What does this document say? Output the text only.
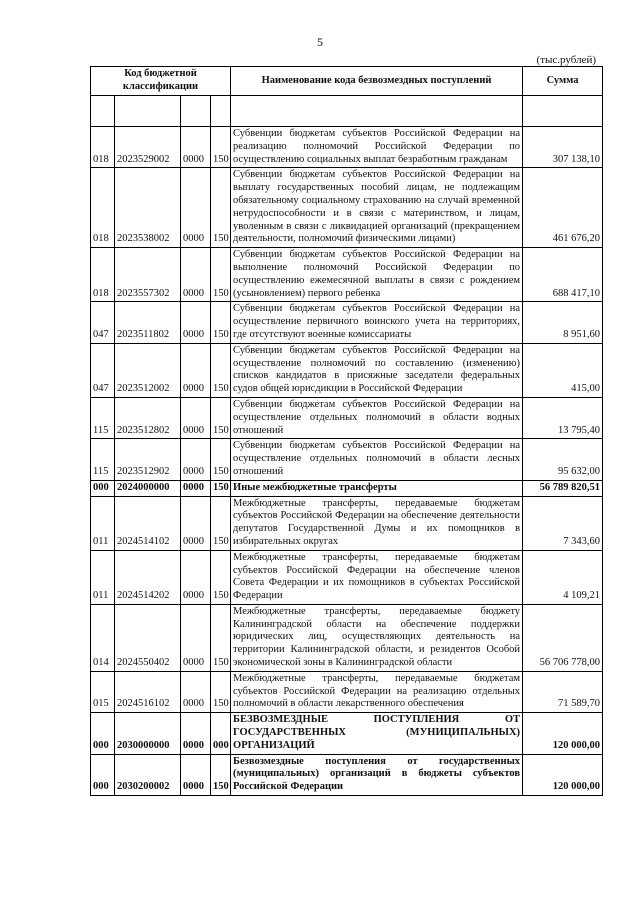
5
(тыс.рублей)
Код бюджетной классификации				Наименование кода безвозмездных поступлений	Сумма

018	2023529002	0000	150	Субвенции бюджетам субъектов Российской Федерации на реализацию полномочий Российской Федерации по осуществлению социальных выплат безработным гражданам	307 138,10
018	2023538002	0000	150	Субвенции бюджетам субъектов Российской Федерации на выплату государственных пособий лицам, не подлежащим обязательному социальному страхованию на случай временной нетрудоспособности и в связи с материнством, и лицам, уволенным в связи с ликвидацией организаций (прекращением деятельности, полномочий физическими лицами)	461 676,20
018	2023557302	0000	150	Субвенции бюджетам субъектов Российской Федерации на выполнение полномочий Российской Федерации по осуществлению ежемесячной выплаты в связи с рождением (усыновлением) первого ребенка	688 417,10
047	2023511802	0000	150	Субвенции бюджетам субъектов Российской Федерации на осуществление первичного воинского учета на территориях, где отсутствуют военные комиссариаты	8 951,60
047	2023512002	0000	150	Субвенции бюджетам субъектов Российской Федерации на осуществление полномочий по составлению (изменению) списков кандидатов в присяжные заседатели федеральных судов общей юрисдикции в Российской Федерации	415,00
115	2023512802	0000	150	Субвенции бюджетам субъектов Российской Федерации на осуществление отдельных полномочий в области водных отношений	13 795,40
115	2023512902	0000	150	Субвенции бюджетам субъектов Российской Федерации на осуществление отдельных полномочий в области лесных отношений	95 632,00
000	2024000000	0000	150	Иные межбюджетные трансферты	56 789 820,51
011	2024514102	0000	150	Межбюджетные трансферты, передаваемые бюджетам субъектов Российской Федерации на обеспечение деятельности депутатов Государственной Думы и их помощников в избирательных округах	7 343,60
011	2024514202	0000	150	Межбюджетные трансферты, передаваемые бюджетам субъектов Российской Федерации на обеспечение членов Совета Федерации и их помощников в субъектах Российской Федерации	4 109,21
014	2024550402	0000	150	Межбюджетные трансферты, передаваемые бюджету Калининградской области на обеспечение поддержки юридических лиц, осуществляющих деятельность на территории Калининградской области, и резидентов Особой экономической зоны в Калининградской области	56 706 778,00
015	2024516102	0000	150	Межбюджетные трансферты, передаваемые бюджетам субъектов Российской Федерации на реализацию отдельных полномочий в области лекарственного обеспечения	71 589,70
000	2030000000	0000	000	БЕЗВОЗМЕЗДНЫЕ ПОСТУПЛЕНИЯ ОТ ГОСУДАРСТВЕННЫХ (МУНИЦИПАЛЬНЫХ) ОРГАНИЗАЦИЙ	120 000,00
000	2030200002	0000	150	Безвозмездные поступления от государственных (муниципальных) организаций в бюджеты субъектов Российской Федерации	120 000,00
